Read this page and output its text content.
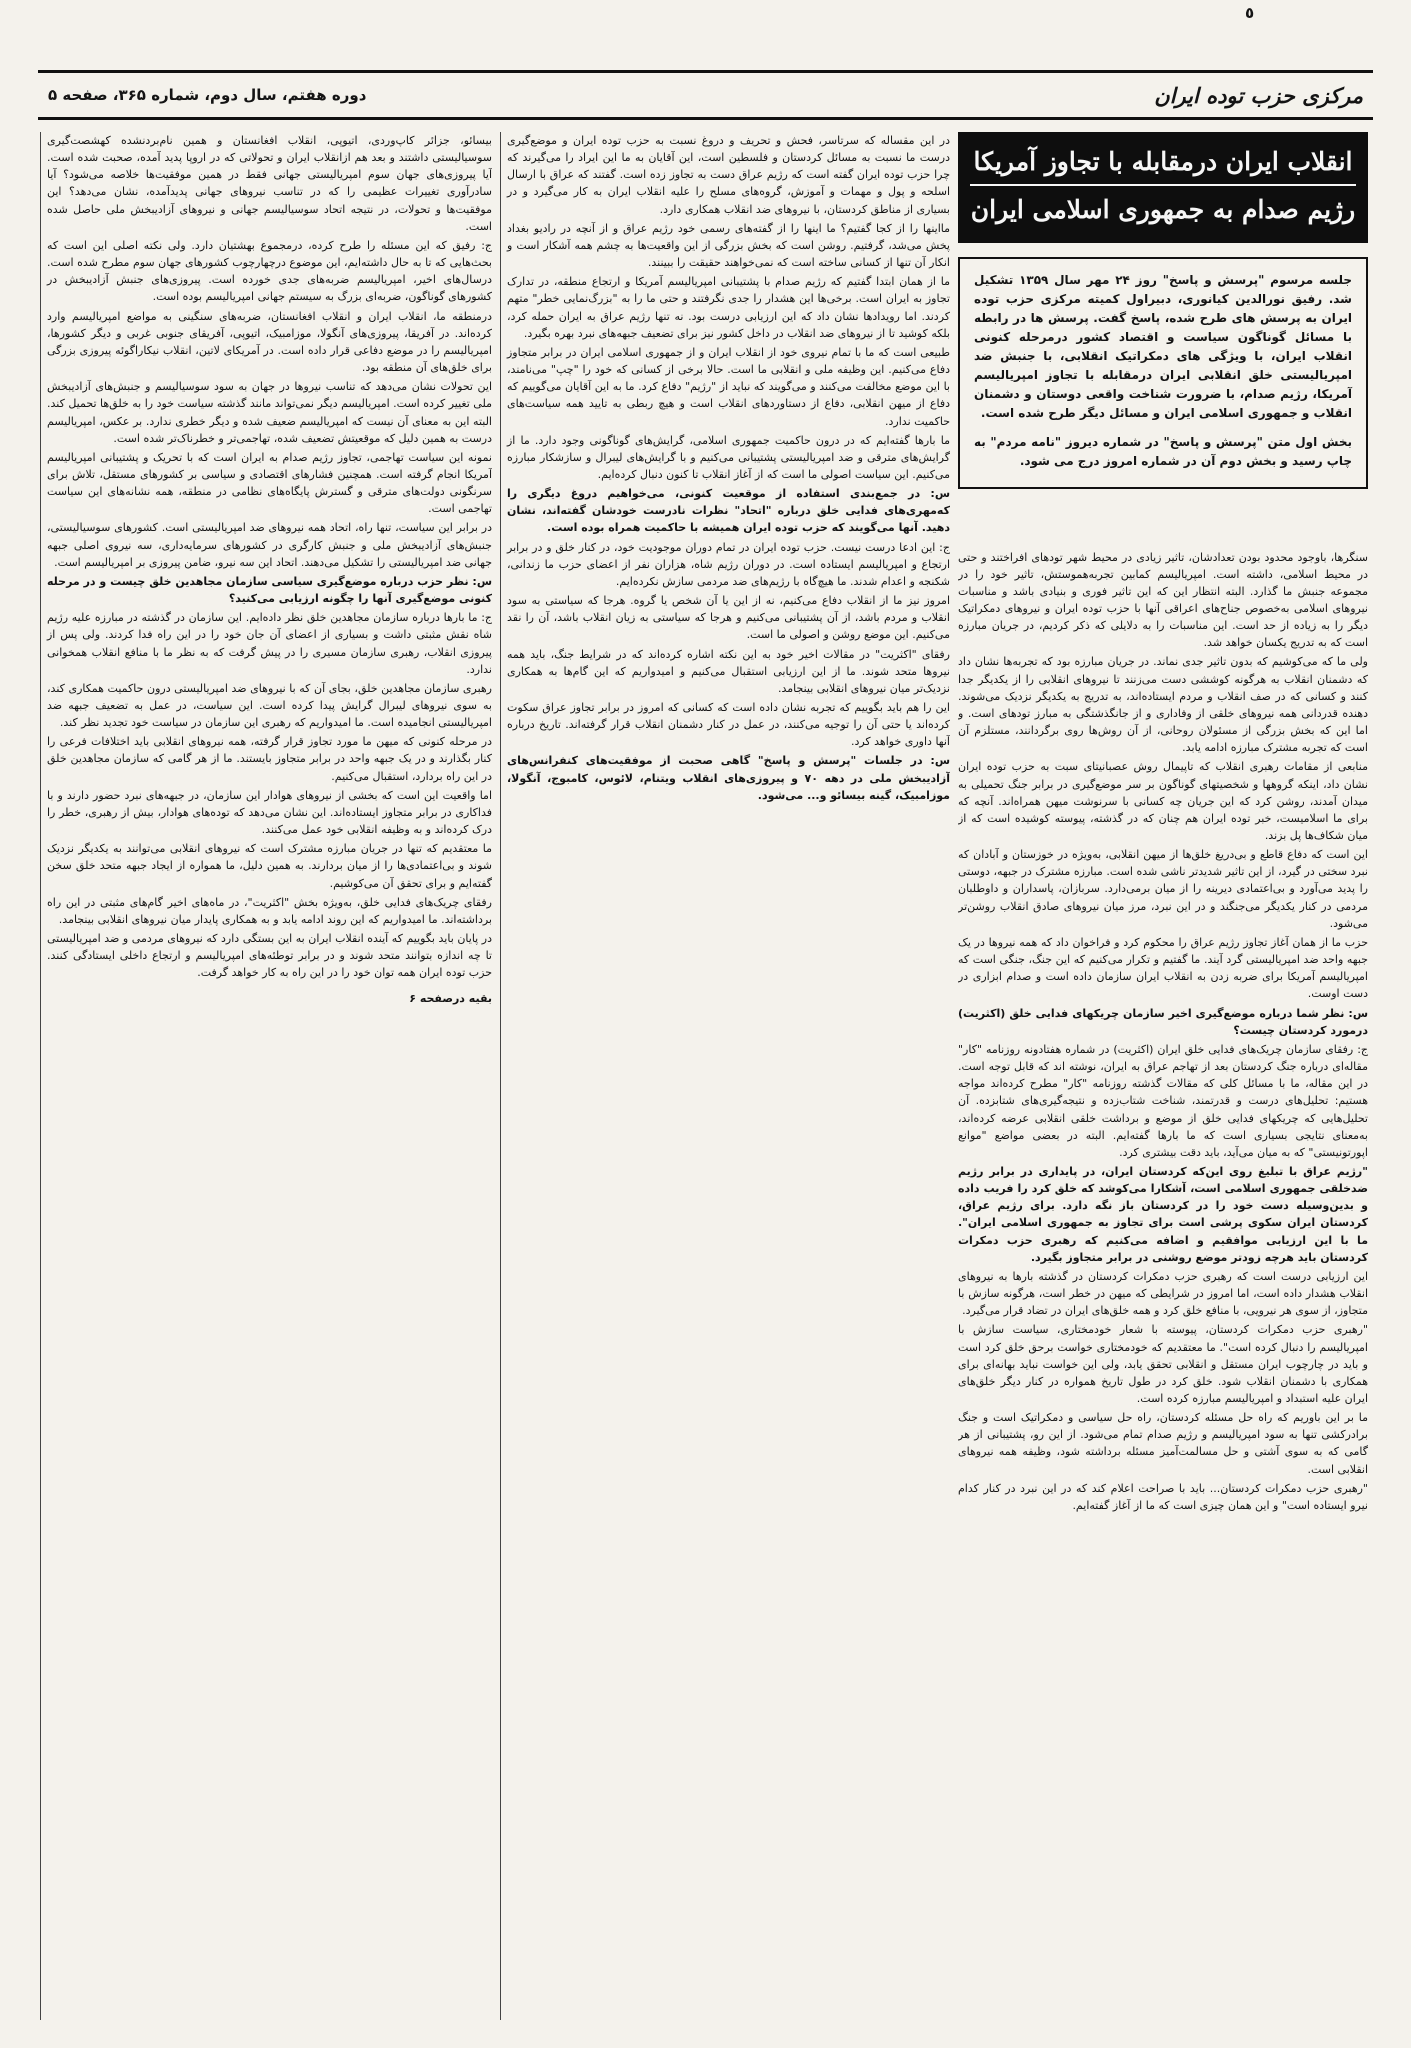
٥
مرکزی حزب توده ایران
دوره هفتم، سال دوم، شماره ۳۶۵، صفحه ۵
انقلاب ایران درمقابله با تجاوز آمریکا
رژیم صدام به جمهوری اسلامی ایران

جلسه مرسوم "پرسش و پاسخ" روز ۲۴ مهر سال ۱۳۵۹ تشکیل شد. رفیق نورالدین کیانوری، دبیراول کمیته مرکزی حزب توده ایران به پرسش های طرح شده، پاسخ گفت. پرسش ها در رابطه با مسائل گوناگون سیاست و اقتصاد کشور درمرحله کنونی انقلاب ایران، با ویژگی های دمکراتیک انقلابی، با جنبش ضد امپریالیستی خلق انقلابی ایران درمقابله با تجاوز امپریالیسم آمریکا، رژیم صدام، با ضرورت شناخت واقعی دوستان و دشمنان انقلاب و جمهوری اسلامی ایران و مسائل دیگر طرح شده است.

بخش اول متن "پرسش و پاسخ" در شماره دیروز "نامه مردم" به چاپ رسید و بخش دوم آن در شماره امروز درج می شود.

سنگرها، باوجود محدود بودن تعدادشان، تاثیر زیادی در محیط شهر تودهای افراختند و حتی در محیط اسلامی، داشته است. امپریالیسم کمابین تجربه‌هموستش، تاثیر خود را در مجموعه جنبش ما گذارد. البته انتظار این که این تاثیر فوری و بنیادی باشد و مناسبات نیروهای اسلامی به‌خصوص جناح‌های اعراقی آنها با حزب توده ایران و نیروهای دمکراتیک دیگر را به زیاده از حد است. این مناسبات را به دلایلی که ذکر کردیم، در جریان مبارزه است که به تدریج یکسان خواهد شد.

ولی ما که می‌کوشیم که بدون تاثیر جدی نماند. در جریان مبارزه بود که تجربه‌ها نشان داد که دشمنان انقلاب به هرگونه کوششی دست می‌زنند تا نیروهای انقلابی را از یکدیگر جدا کنند و کسانی که در صف انقلاب و مردم ایستاده‌اند، به تدریج به یکدیگر نزدیک می‌شوند. دهنده قدردانی همه نیروهای خلقی از وفاداری و از جانگذشتگی به مبارز تودهای است. و اما این که بخش بزرگی از مسئولان روحانی، از آن روش‌ها روی برگردانند، مستلزم آن است که تجربه مشترک مبارزه ادامه یابد.

منابعی از مقامات رهبری انقلاب که تاپیمال روش عصبانیتای سبت به حزب توده ایران نشان داد، اینکه گروهها و شخصیتهای گوناگون بر سر موضع‌گیری در برابر جنگ تحمیلی به میدان آمدند، روشن کرد که این جریان چه کسانی با سرنوشت میهن همراه‌اند. آنچه که برای ما اسلامیست، خبر توده ایران هم چنان که در گذشته، پیوسته کوشیده است که از میان شکاف‌ها پل بزند.

این است که دفاع قاطع و بی‌دریغ خلق‌ها از میهن انقلابی، به‌ویژه در خوزستان و آبادان که نبرد سختی در گیرد، از این تاثیر شدیدتر ناشی شده است. مبارزه مشترک در جبهه، دوستی را پدید می‌آورد و بی‌اعتمادی دیرینه را از میان برمی‌دارد. سربازان، پاسداران و داوطلبان مردمی در کنار یکدیگر می‌جنگند و در این نبرد، مرز میان نیروهای صادق انقلاب روشن‌تر می‌شود.

حزب ما از همان آغاز تجاوز رژیم عراق را محکوم کرد و فراخوان داد که همه نیروها در یک جبهه واحد ضد امپریالیستی گرد آیند. ما گفتیم و تکرار می‌کنیم که این جنگ، جنگی است که امپریالیسم آمریکا برای ضربه زدن به انقلاب ایران سازمان داده است و صدام ابزاری در دست اوست.

س: نظر شما درباره موضع‌گیری اخیر سازمان چریکهای فدایی خلق (اکثریت) درمورد کردستان چیست؟

ج: رفقای سازمان چریک‌های فدایی خلق ایران (اکثریت) در شماره هفتادونه روزنامه "کار" مقاله‌ای درباره جنگ کردستان بعد از تهاجم عراق به ایران، نوشته اند که قابل توجه است. در این مقاله، ما با مسائل کلی که مقالات گذشته روزنامه "کار" مطرح کرده‌اند مواجه هستیم: تحلیل‌های درست و قدرتمند، شناخت شتاب‌زده و نتیجه‌گیری‌های شتابزده. آن تحلیل‌هایی که چریکهای فدایی خلق از موضع و برداشت خلقی انقلابی عرضه کرده‌اند، به‌معنای نتایجی بسیاری است که ما بارها گفته‌ایم. البته در بعضی مواضع "موانع اپورتونیستی" که به میان می‌آید، باید دقت بیشتری کرد.

"رژیم عراق با تبلیغ روی این‌که کردستان ایران، در پایداری در برابر رژیم ضدخلقی جمهوری اسلامی است، آشکارا می‌کوشد که خلق کرد را فریب داده و بدین‌وسیله دست خود را در کردستان باز نگه دارد. برای رژیم عراق، کردستان ایران سکوی پرشی است برای تجاوز به جمهوری اسلامی ایران". ما با این ارزیابی موافقیم و اضافه می‌کنیم که رهبری حزب دمکرات کردستان باید هرچه زودتر موضع روشنی در برابر متجاوز بگیرد.

این ارزیابی درست است که رهبری حزب دمکرات کردستان در گذشته بارها به نیروهای انقلاب هشدار داده است، اما امروز در شرایطی که میهن در خطر است، هرگونه سازش با متجاوز، از سوی هر نیرویی، با منافع خلق کرد و همه خلق‌های ایران در تضاد قرار می‌گیرد.

"رهبری حزب دمکرات کردستان، پیوسته با شعار خودمختاری، سیاست سازش با امپریالیسم را دنبال کرده است". ما معتقدیم که خودمختاری خواست برحق خلق کرد است و باید در چارچوب ایران مستقل و انقلابی تحقق یابد، ولی این خواست نباید بهانه‌ای برای همکاری با دشمنان انقلاب شود. خلق کرد در طول تاریخ همواره در کنار دیگر خلق‌های ایران علیه استبداد و امپریالیسم مبارزه کرده است.

ما بر این باوریم که راه حل مسئله کردستان، راه حل سیاسی و دمکراتیک است و جنگ برادرکشی تنها به سود امپریالیسم و رژیم صدام تمام می‌شود. از این رو، پشتیبانی از هر گامی که به سوی آشتی و حل مسالمت‌آمیز مسئله برداشته شود، وظیفه همه نیروهای انقلابی است.

"رهبری حزب دمکرات کردستان... باید با صراحت اعلام کند که در این نبرد در کنار کدام نیرو ایستاده است" و این همان چیزی است که ما از آغاز گفته‌ایم.

در این مقساله که سرتاسر، فحش و تحریف و دروغ نسبت به حزب توده ایران و موضع‌گیری درست ما نسبت به مسائل کردستان و فلسطین است، این آقایان به ما این ایراد را می‌گیرند که چرا حزب توده ایران گفته است که رژیم عراق دست به تجاوز زده است. گفتند که عراق با ارسال اسلحه و پول و مهمات و آموزش، گروه‌های مسلح را علیه انقلاب ایران به کار می‌گیرد و در بسیاری از مناطق کردستان، با نیروهای ضد انقلاب همکاری دارد.

مااینها را از کجا گفتیم؟ ما اینها را از گفته‌های رسمی خود رژیم عراق و از آنچه در رادیو بغداد پخش می‌شد، گرفتیم. روشن است که بخش بزرگی از این واقعیت‌ها به چشم همه آشکار است و انکار آن تنها از کسانی ساخته است که نمی‌خواهند حقیقت را ببینند.

ما از همان ابتدا گفتیم که رژیم صدام با پشتیبانی امپریالیسم آمریکا و ارتجاع منطقه، در تدارک تجاوز به ایران است. برخی‌ها این هشدار را جدی نگرفتند و حتی ما را به "بزرگ‌نمایی خطر" متهم کردند. اما رویدادها نشان داد که این ارزیابی درست بود. نه تنها رژیم عراق به ایران حمله کرد، بلکه کوشید تا از نیروهای ضد انقلاب در داخل کشور نیز برای تضعیف جبهه‌های نبرد بهره بگیرد.

طبیعی است که ما با تمام نیروی خود از انقلاب ایران و از جمهوری اسلامی ایران در برابر متجاوز دفاع می‌کنیم. این وظیفه ملی و انقلابی ما است. حالا برخی از کسانی که خود را "چپ" می‌نامند، با این موضع مخالفت می‌کنند و می‌گویند که نباید از "رژیم" دفاع کرد. ما به این آقایان می‌گوییم که دفاع از میهن انقلابی، دفاع از دستاوردهای انقلاب است و هیچ ربطی به تایید همه سیاست‌های حاکمیت ندارد.

ما بارها گفته‌ایم که در درون حاکمیت جمهوری اسلامی، گرایش‌های گوناگونی وجود دارد. ما از گرایش‌های مترقی و ضد امپریالیستی پشتیبانی می‌کنیم و با گرایش‌های لیبرال و سازشکار مبارزه می‌کنیم. این سیاست اصولی ما است که از آغاز انقلاب تا کنون دنبال کرده‌ایم.

س: در جمع‌بندی استفاده از موقعیت کنونی، می‌خواهیم دروغ دیگری را که‌مهری‌های فدایی خلق درباره "اتحاد" نظرات نادرست خودشان گفته‌اند، نشان دهید. آنها می‌گویند که حزب توده ایران همیشه با حاکمیت همراه بوده است.

ج: این ادعا درست نیست. حزب توده ایران در تمام دوران موجودیت خود، در کنار خلق و در برابر ارتجاع و امپریالیسم ایستاده است. در دوران رژیم شاه، هزاران نفر از اعضای حزب ما زندانی، شکنجه و اعدام شدند. ما هیچ‌گاه با رژیم‌های ضد مردمی سازش نکرده‌ایم.

امروز نیز ما از انقلاب دفاع می‌کنیم، نه از این یا آن شخص یا گروه. هرجا که سیاستی به سود انقلاب و مردم باشد، از آن پشتیبانی می‌کنیم و هرجا که سیاستی به زیان انقلاب باشد، آن را نقد می‌کنیم. این موضع روشن و اصولی ما است.

رفقای "اکثریت" در مقالات اخیر خود به این نکته اشاره کرده‌اند که در شرایط جنگ، باید همه نیروها متحد شوند. ما از این ارزیابی استقبال می‌کنیم و امیدواریم که این گام‌ها به همکاری نزدیک‌تر میان نیروهای انقلابی بینجامد.

این را هم باید بگوییم که تجربه نشان داده است که کسانی که امروز در برابر تجاوز عراق سکوت کرده‌اند یا حتی آن را توجیه می‌کنند، در عمل در کنار دشمنان انقلاب قرار گرفته‌اند. تاریخ درباره آنها داوری خواهد کرد.

س: در جلسات "پرسش و پاسخ" گاهی صحبت از موفقیت‌های کنفرانس‌های آزادیبخش ملی در دهه ۷۰ و پیروزی‌های انقلاب ویتنام، لائوس، کامبوج، آنگولا، موزامبیک، گینه بیسائو و... می‌شود.

بیسائو، جزائر کاپ‌وردی، اتیوپی، انقلاب افغانستان و همین نام‌بردنشده کهشصت‌گیری سوسیالیستی داشتند و بعد هم ازانقلاب ایران و تحولاتی که در اروپا پدید آمده، صحبت شده است. آیا پیروزی‌های جهان سوم امپریالیستی جهانی فقط در همین موفقیت‌ها خلاصه می‌شود؟ آیا سادرآوری تغییرات عظیمی را که در تناسب نیروهای جهانی پدیدآمده، نشان می‌دهد؟ این موفقیت‌ها و تحولات، در نتیجه اتحاد سوسیالیسم جهانی و نیروهای آزادیبخش ملی حاصل شده است.

ج: رفیق که این مسئله را طرح کرده، درمجموع بهشتیان دارد. ولی نکته اصلی این است که بحث‌هایی که تا به حال داشته‌ایم، این موضوع درچهارچوب کشورهای جهان سوم مطرح شده است. درسال‌های اخیر، امپریالیسم ضربه‌های جدی خورده است. پیروزی‌های جنبش آزادیبخش در کشورهای گوناگون، ضربه‌ای بزرگ به سیستم جهانی امپریالیسم بوده است.

درمنطقه ما، انقلاب ایران و انقلاب افغانستان، ضربه‌های سنگینی به مواضع امپریالیسم وارد کرده‌اند. در آفریقا، پیروزی‌های آنگولا، موزامبیک، اتیوپی، آفریقای جنوبی غربی و دیگر کشورها، امپریالیسم را در موضع دفاعی قرار داده است. در آمریکای لاتین، انقلاب نیکاراگوئه پیروزی بزرگی برای خلق‌های آن منطقه بود.

این تحولات نشان می‌دهد که تناسب نیروها در جهان به سود سوسیالیسم و جنبش‌های آزادیبخش ملی تغییر کرده است. امپریالیسم دیگر نمی‌تواند مانند گذشته سیاست خود را به خلق‌ها تحمیل کند. البته این به معنای آن نیست که امپریالیسم ضعیف شده و دیگر خطری ندارد. بر عکس، امپریالیسم درست به همین دلیل که موقعیتش تضعیف شده، تهاجمی‌تر و خطرناک‌تر شده است.

نمونه این سیاست تهاجمی، تجاوز رژیم صدام به ایران است که با تحریک و پشتیبانی امپریالیسم آمریکا انجام گرفته است. همچنین فشارهای اقتصادی و سیاسی بر کشورهای مستقل، تلاش برای سرنگونی دولت‌های مترقی و گسترش پایگاه‌های نظامی در منطقه، همه نشانه‌های این سیاست تهاجمی است.

در برابر این سیاست، تنها راه، اتحاد همه نیروهای ضد امپریالیستی است. کشورهای سوسیالیستی، جنبش‌های آزادیبخش ملی و جنبش کارگری در کشورهای سرمایه‌داری، سه نیروی اصلی جبهه جهانی ضد امپریالیستی را تشکیل می‌دهند. اتحاد این سه نیرو، ضامن پیروزی بر امپریالیسم است.

س: نظر حزب درباره موضع‌گیری سیاسی سازمان مجاهدین خلق چیست و در مرحله کنونی موضع‌گیری آنها را چگونه ارزیابی می‌کنید؟

ج: ما بارها درباره سازمان مجاهدین خلق نظر داده‌ایم. این سازمان در گذشته در مبارزه علیه رژیم شاه نقش مثبتی داشت و بسیاری از اعضای آن جان خود را در این راه فدا کردند. ولی پس از پیروزی انقلاب، رهبری سازمان مسیری را در پیش گرفت که به نظر ما با منافع انقلاب همخوانی ندارد.

رهبری سازمان مجاهدین خلق، بجای آن که با نیروهای ضد امپریالیستی درون حاکمیت همکاری کند، به سوی نیروهای لیبرال گرایش پیدا کرده است. این سیاست، در عمل به تضعیف جبهه ضد امپریالیستی انجامیده است. ما امیدواریم که رهبری این سازمان در سیاست خود تجدید نظر کند.

در مرحله کنونی که میهن ما مورد تجاوز قرار گرفته، همه نیروهای انقلابی باید اختلافات فرعی را کنار بگذارند و در یک جبهه واحد در برابر متجاوز بایستند. ما از هر گامی که سازمان مجاهدین خلق در این راه بردارد، استقبال می‌کنیم.

اما واقعیت این است که بخشی از نیروهای هوادار این سازمان، در جبهه‌های نبرد حضور دارند و با فداکاری در برابر متجاوز ایستاده‌اند. این نشان می‌دهد که توده‌های هوادار، بیش از رهبری، خطر را درک کرده‌اند و به وظیفه انقلابی خود عمل می‌کنند.

ما معتقدیم که تنها در جریان مبارزه مشترک است که نیروهای انقلابی می‌توانند به یکدیگر نزدیک شوند و بی‌اعتمادی‌ها را از میان بردارند. به همین دلیل، ما همواره از ایجاد جبهه متحد خلق سخن گفته‌ایم و برای تحقق آن می‌کوشیم.

رفقای چریک‌های فدایی خلق، به‌ویژه بخش "اکثریت"، در ماه‌های اخیر گام‌های مثبتی در این راه برداشته‌اند. ما امیدواریم که این روند ادامه یابد و به همکاری پایدار میان نیروهای انقلابی بینجامد.

در پایان باید بگوییم که آینده انقلاب ایران به این بستگی دارد که نیروهای مردمی و ضد امپریالیستی تا چه اندازه بتوانند متحد شوند و در برابر توطئه‌های امپریالیسم و ارتجاع داخلی ایستادگی کنند. حزب توده ایران همه توان خود را در این راه به کار خواهد گرفت.

بقیه درصفحه ۶
